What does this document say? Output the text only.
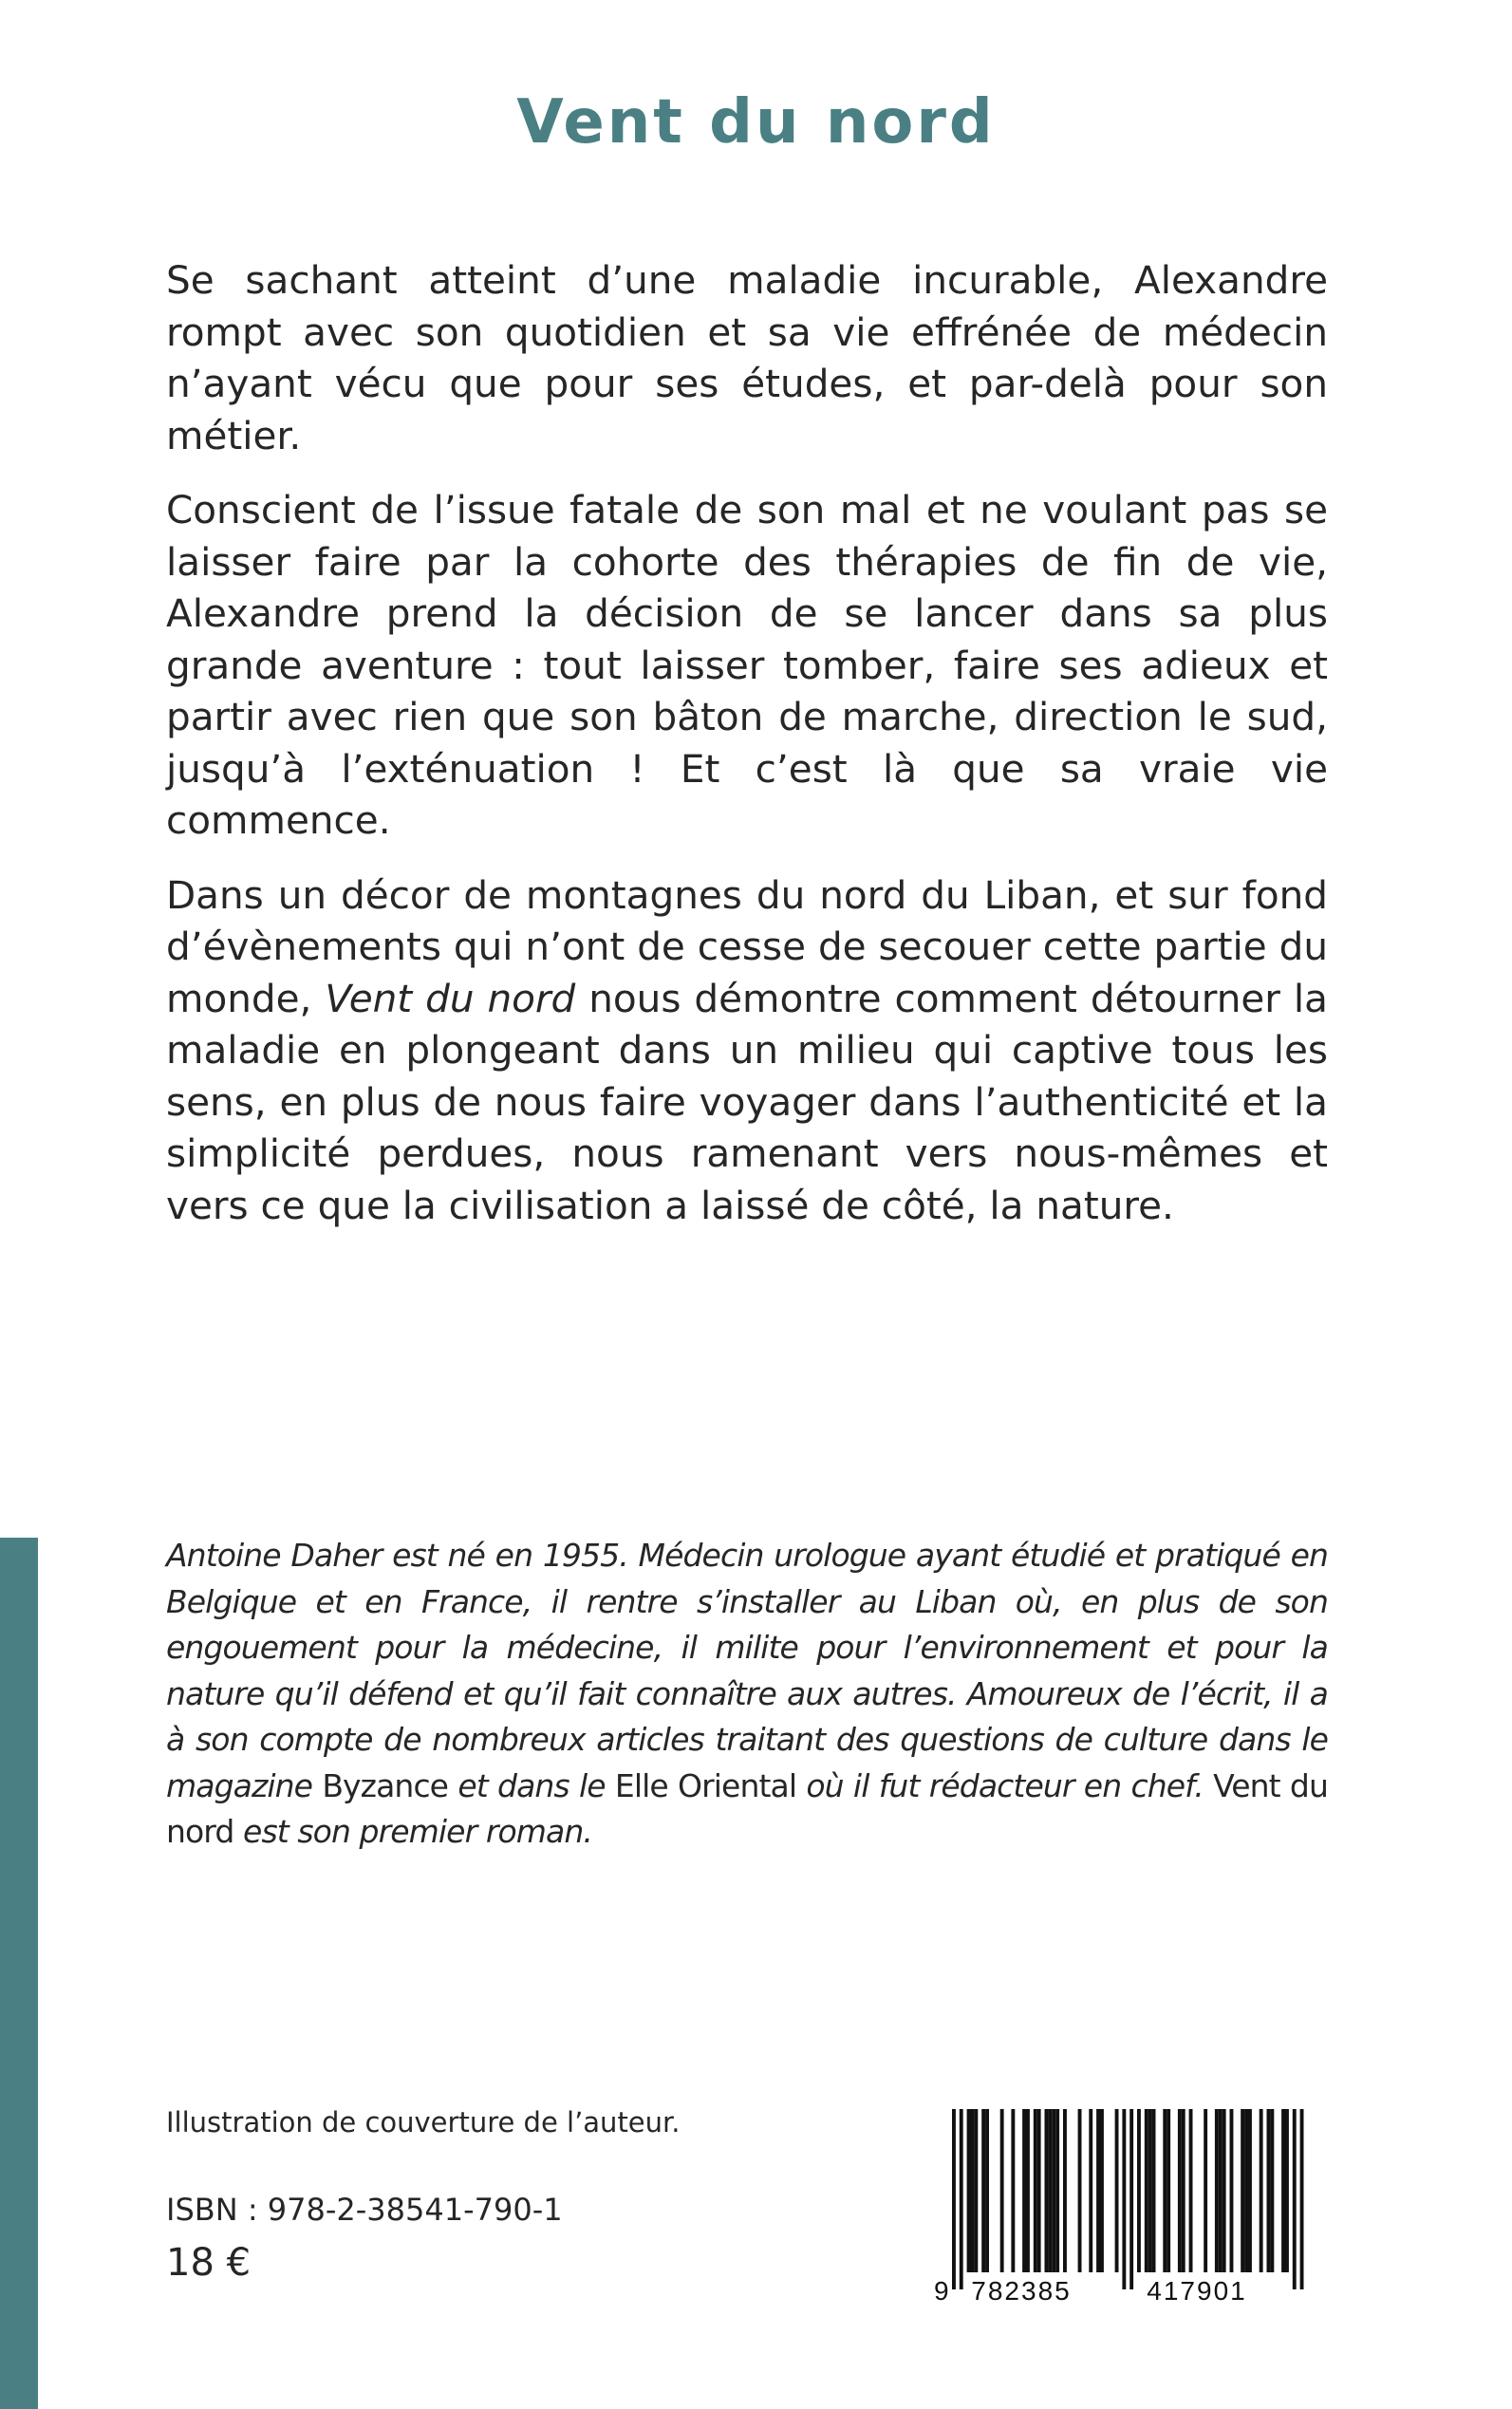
Vent du nord

Se sachant atteint d’une maladie incurable, Alexandre rompt avec son quotidien et sa vie effrénée de médecin n’ayant vécu que pour ses études, et par-delà pour son métier.

Conscient de l’issue fatale de son mal et ne voulant pas se laisser faire par la cohorte des thérapies de fin de vie, Alexandre prend la décision de se lancer dans sa plus grande aventure : tout laisser tomber, faire ses adieux et partir avec rien que son bâton de marche, direction le sud, jusqu’à l’exténuation ! Et c’est là que sa vraie vie commence.

Dans un décor de montagnes du nord du Liban, et sur fond d’évènements qui n’ont de cesse de secouer cette partie du monde, Vent du nord nous démontre comment détourner la maladie en plongeant dans un milieu qui captive tous les sens, en plus de nous faire voyager dans l’authenticité et la simplicité perdues, nous ramenant vers nous-mêmes et vers ce que la civilisation a laissé de côté, la nature.

Antoine Daher est né en 1955. Médecin urologue ayant étudié et pratiqué en Belgique et en France, il rentre s’installer au Liban où, en plus de son engouement pour la médecine, il milite pour l’environnement et pour la nature qu’il défend et qu’il fait connaître aux autres. Amoureux de l’écrit, il a à son compte de nombreux articles traitant des questions de culture dans le magazine Byzance et dans le Elle Oriental où il fut rédacteur en chef. Vent du nord est son premier roman.

Illustration de couverture de l’auteur.
ISBN : 978-2-38541-790-1
18 €
9 782385	417901
